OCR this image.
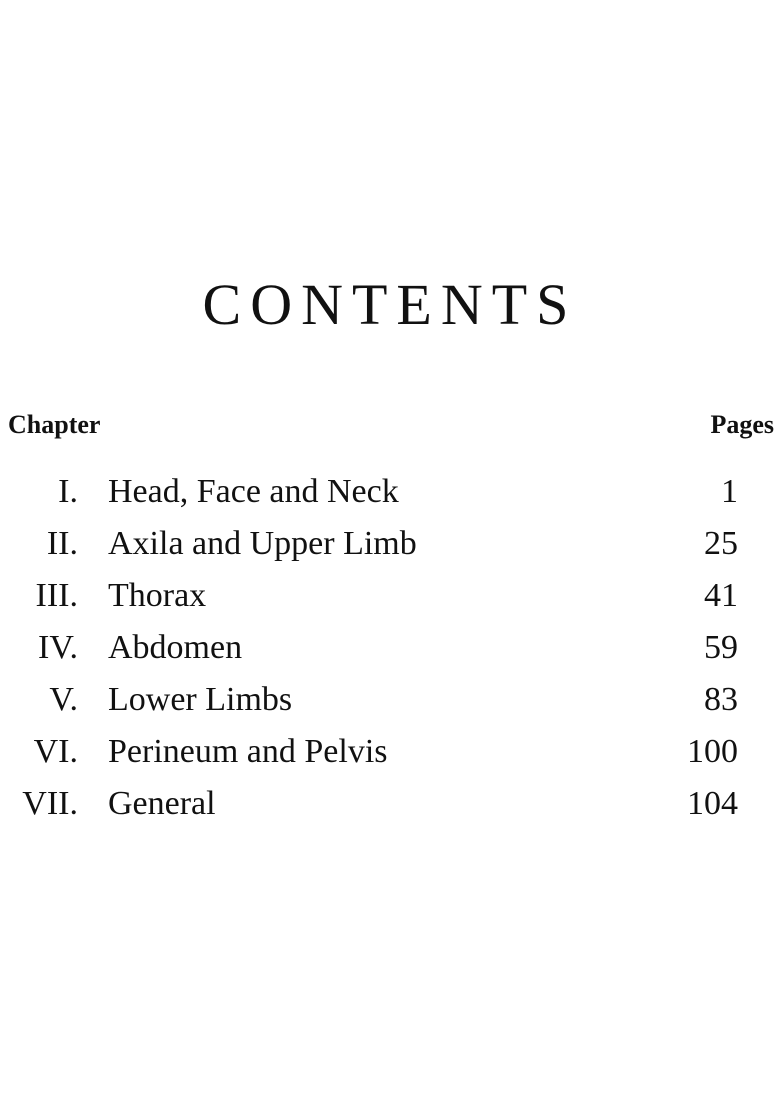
CONTENTS
Chapter	Pages
I. Head, Face and Neck	1
II. Axila and Upper Limb	25
III. Thorax	41
IV. Abdomen	59
V. Lower Limbs	83
VI. Perineum and Pelvis	100
VII. General	104
